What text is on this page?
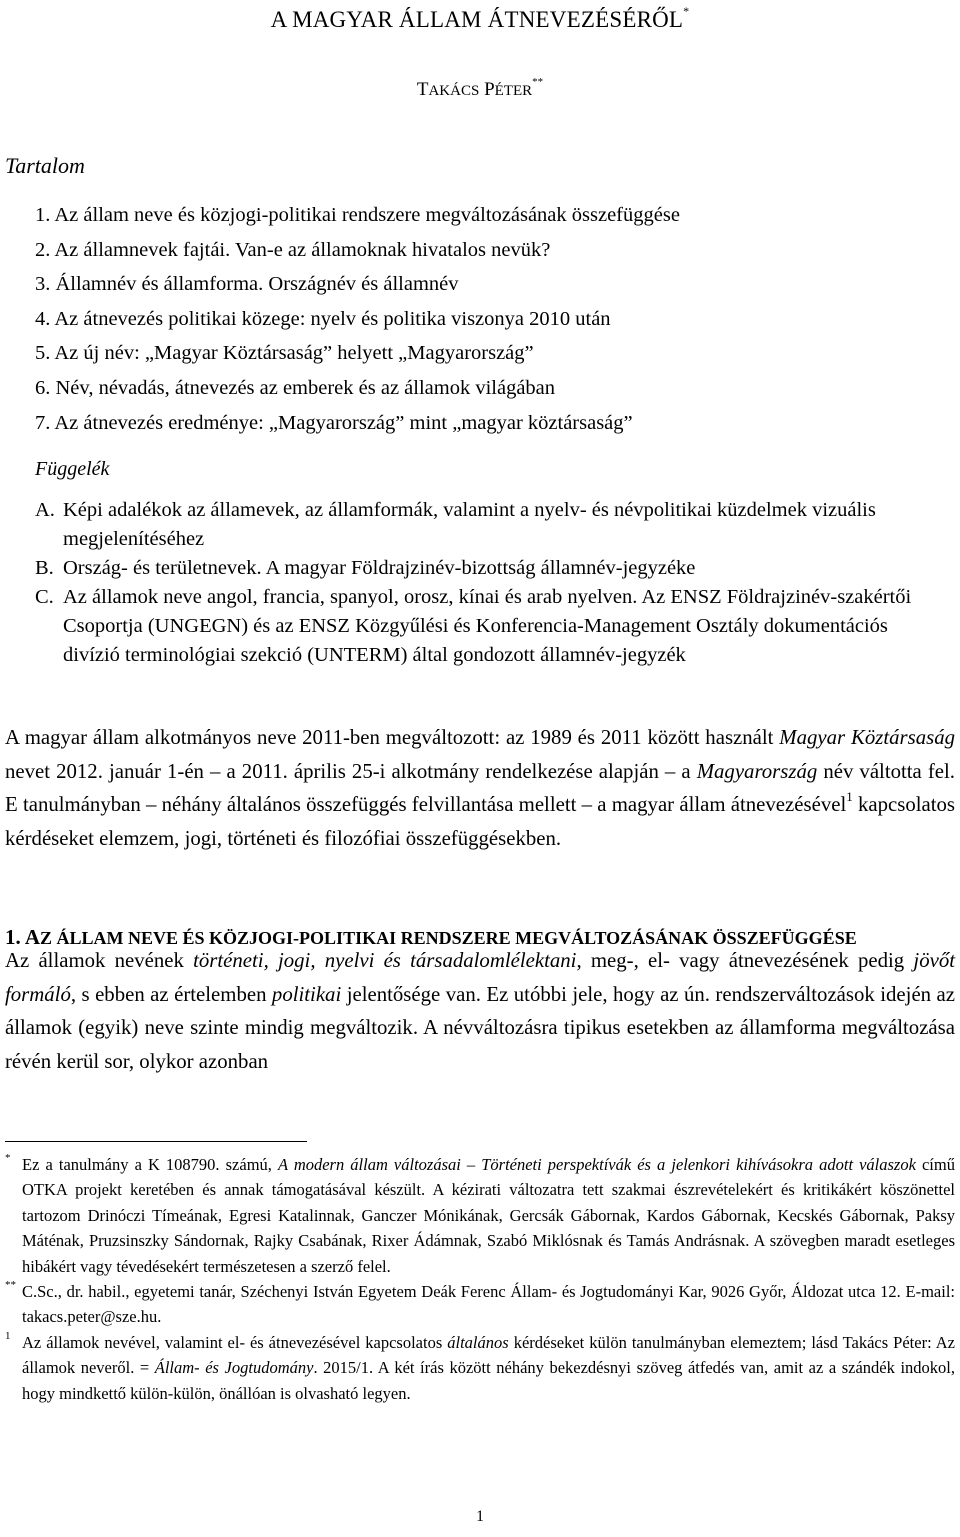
A MAGYAR ÁLLAM ÁTNEVEZÉSÉRŐL*
TAKÁCS PÉTER**
Tartalom
1. Az állam neve és közjogi-politikai rendszere megváltozásának összefüggése
2. Az államnevek fajtái. Van-e az államoknak hivatalos nevük?
3. Államnév és államforma. Országnév és államnév
4. Az átnevezés politikai közege: nyelv és politika viszonya 2010 után
5. Az új név: „Magyar Köztársaság” helyett „Magyarország”
6. Név, névadás, átnevezés az emberek és az államok világában
7. Az átnevezés eredménye: „Magyarország” mint „magyar köztársaság”
Függelék
A. Képi adalékok az államevek, az államformák, valamint a nyelv- és névpolitikai küzdelmek vizuális megjelenítéséhez
B. Ország- és területnevek. A magyar Földrajzinév-bizottság államnév-jegyzéke
C. Az államok neve angol, francia, spanyol, orosz, kínai és arab nyelven. Az ENSZ Földrajzinév-szakértői Csoportja (UNGEGN) és az ENSZ Közgyűlési és Konferencia-Management Osztály dokumentációs divízió terminológiai szekció (UNTERM) által gondozott államnév-jegyzék

A magyar állam alkotmányos neve 2011-ben megváltozott: az 1989 és 2011 között használt Magyar Köztársaság nevet 2012. január 1-én – a 2011. április 25-i alkotmány rendelkezése alapján – a Magyarország név váltotta fel. E tanulmányban – néhány általános összefüggés felvillantása mellett – a magyar állam átnevezésével$^1$ kapcsolatos kérdéseket elemzem, jogi, történeti és filozófiai összefüggésekben.

1. AZ ÁLLAM NEVE ÉS KÖZJOGI-POLITIKAI RENDSZERE MEGVÁLTOZÁSÁNAK ÖSSZEFÜGGÉSE

Az államok nevének történeti, jogi, nyelvi és társadalomlélektani, meg-, el- vagy átnevezésének pedig jövőt formáló, s ebben az értelemben politikai jelentősége van. Ez utóbbi jele, hogy az ún. rendszerváltozások idején az államok (egyik) neve szinte mindig megváltozik. A névváltozásra tipikus esetekben az államforma megváltozása révén kerül sor, olykor azonban

* Ez a tanulmány a K 108790. számú, A modern állam változásai – Történeti perspektívák és a jelenkori kihívásokra adott válaszok című OTKA projekt keretében és annak támogatásával készült. A kézirati változatra tett szakmai észrevételekért és kritikákért köszönettel tartozom Drinóczi Tímeának, Egresi Katalinnak, Ganczer Mónikának, Gercsák Gábornak, Kardos Gábornak, Kecskés Gábornak, Paksy Máténak, Pruzsinszky Sándornak, Rajky Csabának, Rixer Ádámnak, Szabó Miklósnak és Tamás Andrásnak. A szövegben maradt esetleges hibákért vagy tévedésekért természetesen a szerző felel.

** C.Sc., dr. habil., egyetemi tanár, Széchenyi István Egyetem Deák Ferenc Állam- és Jogtudományi Kar, 9026 Győr, Áldozat utca 12. E-mail: takacs.peter@sze.hu.

1 Az államok nevével, valamint el- és átnevezésével kapcsolatos általános kérdéseket külön tanulmányban elemeztem; lásd Takács Péter: Az államok neveről. = Állam- és Jogtudomány. 2015/1. A két írás között néhány bekezdésnyi szöveg átfedés van, amit az a szándék indokol, hogy mindkettő külön-külön, önállóan is olvasható legyen.

1
